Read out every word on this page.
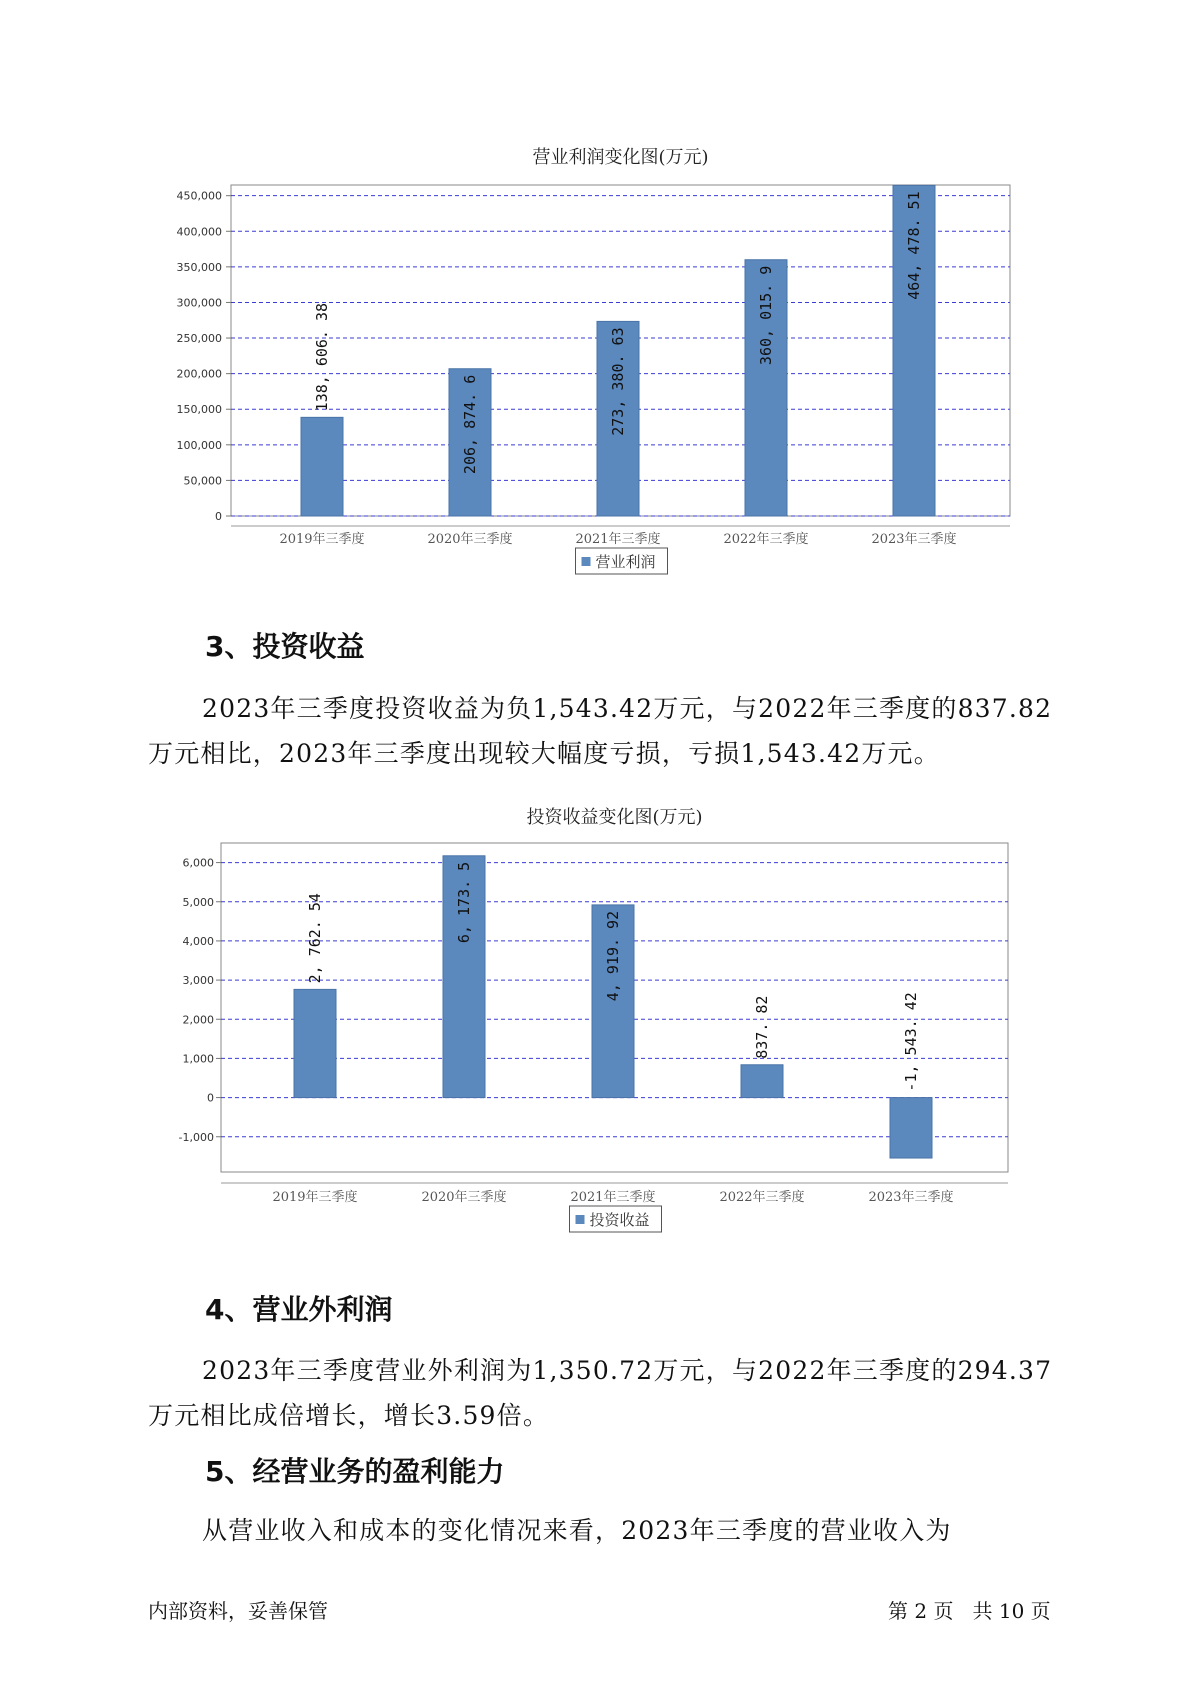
营业利润变化图(万元)
0
50,000
100,000
150,000
200,000
250,000
300,000
350,000
400,000
450,000
138, 606. 38
2019年三季度
206, 874. 6
2020年三季度
273, 380. 63
2021年三季度
360, 015. 9
2022年三季度
464, 478. 51
2023年三季度
营业利润
3、投资收益

2023年三季度投资收益为负1,543.42万元，与2022年三季度的837.82万元相比，2023年三季度出现较大幅度亏损，亏损1,543.42万元。

投资收益变化图(万元)
-1,000
0
1,000
2,000
3,000
4,000
5,000
6,000
2, 762. 54
2019年三季度
6, 173. 5
2020年三季度
4, 919. 92
2021年三季度
837. 82
2022年三季度
-1, 543. 42
2023年三季度
投资收益
4、营业外利润

2023年三季度营业外利润为1,350.72万元，与2022年三季度的294.37万元相比成倍增长，增长3.59倍。

5、经营业务的盈利能力

从营业收入和成本的变化情况来看，2023年三季度的营业收入为

内部资料，妥善保管	第 2 页   共 10 页
